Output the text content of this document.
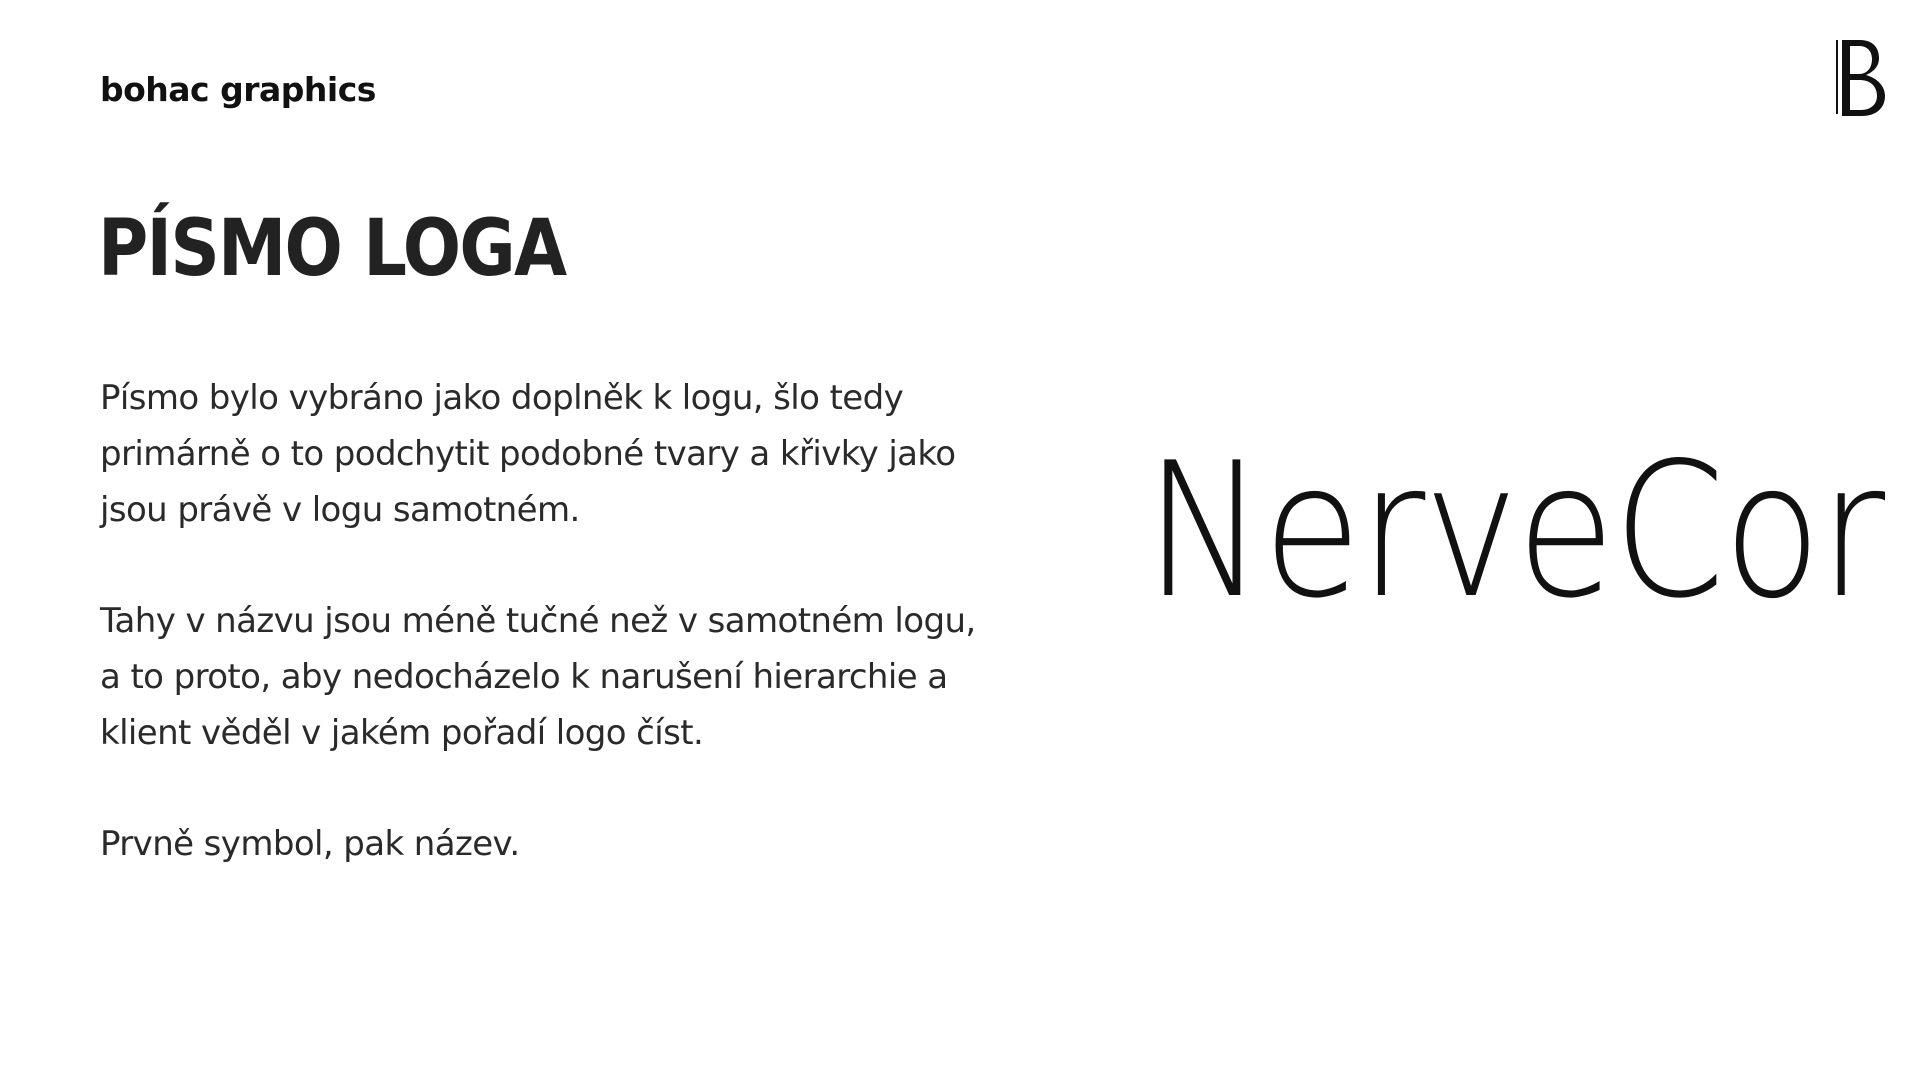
bohac graphics
PÍSMO LOGA

Písmo bylo vybráno jako doplněk k logu, šlo tedy
primárně o to podchytit podobné tvary a křivky jako
jsou právě v logu samotném.

Tahy v názvu jsou méně tučné než v samotném logu,
a to proto, aby nedocházelo k narušení hierarchie a
klient věděl v jakém pořadí logo číst.

Prvně symbol, pak název.

NerveCor
